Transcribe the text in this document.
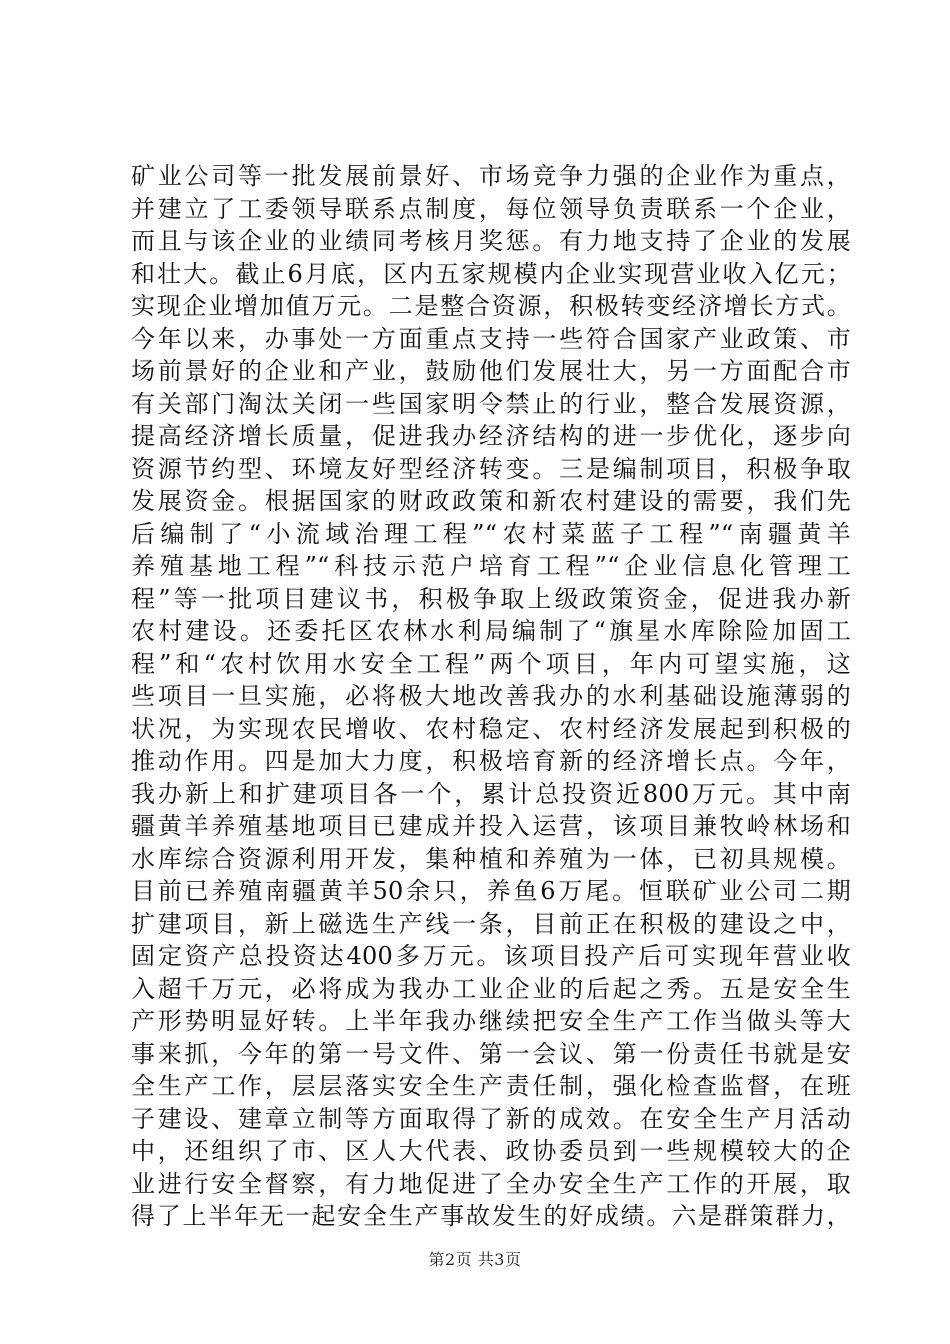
矿业公司等一批发展前景好、市场竞争力强的企业作为重点，
并建立了工委领导联系点制度，每位领导负责联系一个企业，
而且与该企业的业绩同考核月奖惩。有力地支持了企业的发展
和壮大。截止6月底，区内五家规模内企业实现营业收入亿元；
实现企业增加值万元。二是整合资源，积极转变经济增长方式。
今年以来，办事处一方面重点支持一些符合国家产业政策、市
场前景好的企业和产业，鼓励他们发展壮大，另一方面配合市
有关部门淘汰关闭一些国家明令禁止的行业，整合发展资源，
提高经济增长质量，促进我办经济结构的进一步优化，逐步向
资源节约型、环境友好型经济转变。三是编制项目，积极争取
发展资金。根据国家的财政政策和新农村建设的需要，我们先
后编制了“小流域治理工程”“农村菜蓝子工程”“南疆黄羊
养殖基地工程”“科技示范户培育工程”“企业信息化管理工
程”等一批项目建议书，积极争取上级政策资金，促进我办新
农村建设。还委托区农林水利局编制了“旗星水库除险加固工
程”和“农村饮用水安全工程”两个项目，年内可望实施，这
些项目一旦实施，必将极大地改善我办的水利基础设施薄弱的
状况，为实现农民增收、农村稳定、农村经济发展起到积极的
推动作用。四是加大力度，积极培育新的经济增长点。今年，
我办新上和扩建项目各一个，累计总投资近800万元。其中南
疆黄羊养殖基地项目已建成并投入运营，该项目兼牧岭林场和
水库综合资源利用开发，集种植和养殖为一体，已初具规模。
目前已养殖南疆黄羊50余只，养鱼6万尾。恒联矿业公司二期
扩建项目，新上磁选生产线一条，目前正在积极的建设之中，
固定资产总投资达400多万元。该项目投产后可实现年营业收
入超千万元，必将成为我办工业企业的后起之秀。五是安全生
产形势明显好转。上半年我办继续把安全生产工作当做头等大
事来抓，今年的第一号文件、第一会议、第一份责任书就是安
全生产工作，层层落实安全生产责任制，强化检查监督，在班
子建设、建章立制等方面取得了新的成效。在安全生产月活动
中，还组织了市、区人大代表、政协委员到一些规模较大的企
业进行安全督察，有力地促进了全办安全生产工作的开展，取
得了上半年无一起安全生产事故发生的好成绩。六是群策群力，
第2页 共3页
